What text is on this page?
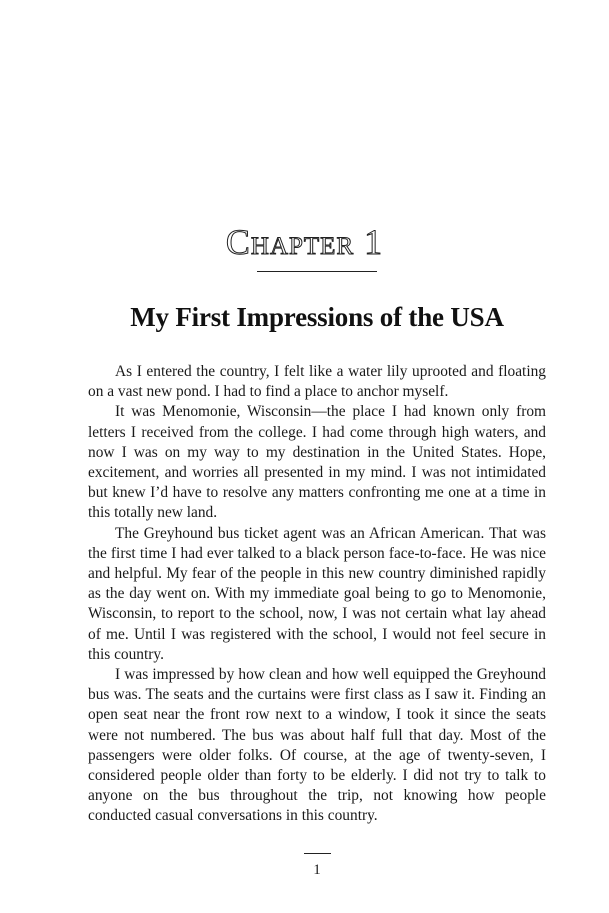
Chapter 1
My First Impressions of the USA

As I entered the country, I felt like a water lily uprooted and floating on a vast new pond. I had to find a place to anchor myself.

It was Menomonie, Wisconsin—the place I had known only from letters I received from the college. I had come through high waters, and now I was on my way to my destination in the United States. Hope, excitement, and worries all presented in my mind. I was not intimidated but knew I’d have to resolve any matters confronting me one at a time in this totally new land.

The Greyhound bus ticket agent was an African American. That was the first time I had ever talked to a black person face-to-face. He was nice and helpful. My fear of the people in this new country diminished rapidly as the day went on. With my immediate goal being to go to Menomonie, Wisconsin, to report to the school, now, I was not certain what lay ahead of me. Until I was registered with the school, I would not feel secure in this country.

I was impressed by how clean and how well equipped the Greyhound bus was. The seats and the curtains were first class as I saw it. Finding an open seat near the front row next to a window, I took it since the seats were not numbered. The bus was about half full that day. Most of the passengers were older folks. Of course, at the age of twenty-seven, I considered people older than forty to be elderly. I did not try to talk to anyone on the bus throughout the trip, not knowing how people conducted casual conversations in this country.

1
